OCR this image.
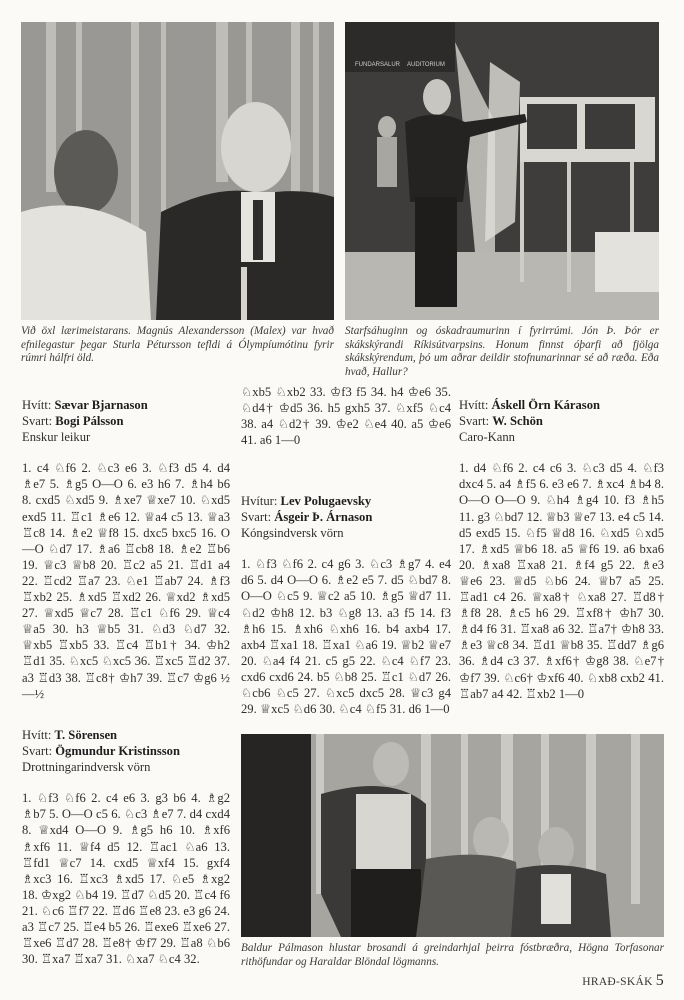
FUNDARSALUR AUDITORIUM
Við öxl lærimeistarans. Magnús Alexandersson (Malex) var hvað efnilegastur þegar Sturla Pétursson tefldi á Ólympíumótinu fyrir rúmri hálfri öld.
Starfsáhuginn og óskadraumurinn í fyrirrúmi. Jón Þ. Þór er skákskýrandi Ríkisútvarpsins. Honum finnst óþarfi að fjölga skákskýrendum, þó um aðrar deildir stofnunarinnar sé að ræða. Eða hvað, Hallur?
Hvítt: Sævar Bjarnason
Svart: Bogi Pálsson
Enskur leikur
1. c4 ♘f6 2. ♘c3 e6 3. ♘f3 d5 4. d4 ♗e7 5. ♗g5 O—O 6. e3 h6 7. ♗h4 b6 8. cxd5 ♘xd5 9. ♗xe7 ♕xe7 10. ♘xd5 exd5 11. ♖c1 ♗e6 12. ♕a4 c5 13. ♕a3 ♖c8 14. ♗e2 ♕f8 15. dxc5 bxc5 16. O—O ♘d7 17. ♗a6 ♖cb8 18. ♗e2 ♖b6 19. ♕c3 ♕b8 20. ♖c2 a5 21. ♖d1 a4 22. ♖cd2 ♖a7 23. ♘e1 ♖ab7 24. ♗f3 ♖xb2 25. ♗xd5 ♖xd2 26. ♕xd2 ♗xd5 27. ♕xd5 ♕c7 28. ♖c1 ♘f6 29. ♕c4 ♕a5 30. h3 ♕b5 31. ♘d3 ♘d7 32. ♕xb5 ♖xb5 33. ♖c4 ♖b1† 34. ♔h2 ♖d1 35. ♘xc5 ♘xc5 36. ♖xc5 ♖d2 37. a3 ♖d3 38. ♖c8† ♔h7 39. ♖c7 ♔g6 ½—½
Hvítt: T. Sörensen
Svart: Ögmundur Kristinsson
Drottningarindversk vörn
1. ♘f3 ♘f6 2. c4 e6 3. g3 b6 4. ♗g2 ♗b7 5. O—O c5 6. ♘c3 ♗e7 7. d4 cxd4 8. ♕xd4 O—O 9. ♗g5 h6 10. ♗xf6 ♗xf6 11. ♕f4 d5 12. ♖ac1 ♘a6 13. ♖fd1 ♕c7 14. cxd5 ♕xf4 15. gxf4 ♗xc3 16. ♖xc3 ♗xd5 17. ♘e5 ♗xg2 18. ♔xg2 ♘b4 19. ♖d7 ♘d5 20. ♖c4 f6 21. ♘c6 ♖f7 22. ♖d6 ♖e8 23. e3 g6 24. a3 ♖c7 25. ♖e4 b5 26. ♖exe6 ♖xe6 27. ♖xe6 ♖d7 28. ♖e8† ♔f7 29. ♖a8 ♘b6 30. ♖xa7 ♖xa7 31. ♘xa7 ♘c4 32.
♘xb5 ♘xb2 33. ♔f3 f5 34. h4 ♔e6 35. ♘d4† ♔d5 36. h5 gxh5 37. ♘xf5 ♘c4 38. a4 ♘d2† 39. ♔e2 ♘e4 40. a5 ♔e6 41. a6 1—0
Hvítur: Lev Polugaevsky
Svart: Ásgeir Þ. Árnason
Kóngsindversk vörn
1. ♘f3 ♘f6 2. c4 g6 3. ♘c3 ♗g7 4. e4 d6 5. d4 O—O 6. ♗e2 e5 7. d5 ♘bd7 8. O—O ♘c5 9. ♕c2 a5 10. ♗g5 ♕d7 11. ♘d2 ♔h8 12. b3 ♘g8 13. a3 f5 14. f3 ♗h6 15. ♗xh6 ♘xh6 16. b4 axb4 17. axb4 ♖xa1 18. ♖xa1 ♘a6 19. ♕b2 ♕e7 20. ♘a4 f4 21. c5 g5 22. ♘c4 ♘f7 23. cxd6 cxd6 24. b5 ♘b8 25. ♖c1 ♘d7 26. ♘cb6 ♘c5 27. ♘xc5 dxc5 28. ♕c3 g4 29. ♕xc5 ♘d6 30. ♘c4 ♘f5 31. d6 1—0
Hvítt: Áskell Örn Kárason
Svart: W. Schön
Caro-Kann
1. d4 ♘f6 2. c4 c6 3. ♘c3 d5 4. ♘f3 dxc4 5. a4 ♗f5 6. e3 e6 7. ♗xc4 ♗b4 8. O—O O—O 9. ♘h4 ♗g4 10. f3 ♗h5 11. g3 ♘bd7 12. ♕b3 ♕e7 13. e4 c5 14. d5 exd5 15. ♘f5 ♕d8 16. ♘xd5 ♘xd5 17. ♗xd5 ♕b6 18. a5 ♕f6 19. a6 bxa6 20. ♗xa8 ♖xa8 21. ♗f4 g5 22. ♗e3 ♕e6 23. ♕d5 ♘b6 24. ♕b7 a5 25. ♖ad1 c4 26. ♕xa8† ♘xa8 27. ♖d8† ♗f8 28. ♗c5 h6 29. ♖xf8† ♔h7 30. ♗d4 f6 31. ♖xa8 a6 32. ♖a7† ♔h8 33. ♗e3 ♕c8 34. ♖d1 ♕b8 35. ♖dd7 ♗g6 36. ♗d4 c3 37. ♗xf6† ♔g8 38. ♘e7† ♔f7 39. ♘c6† ♔xf6 40. ♘xb8 cxb2 41. ♖ab7 a4 42. ♖xb2 1—0
Baldur Pálmason hlustar brosandi á greindarhjal þeirra fóstbræðra, Högna Torfasonar rithöfundar og Haraldar Blöndal lögmanns.
HRAÐ-SKÁK 5
